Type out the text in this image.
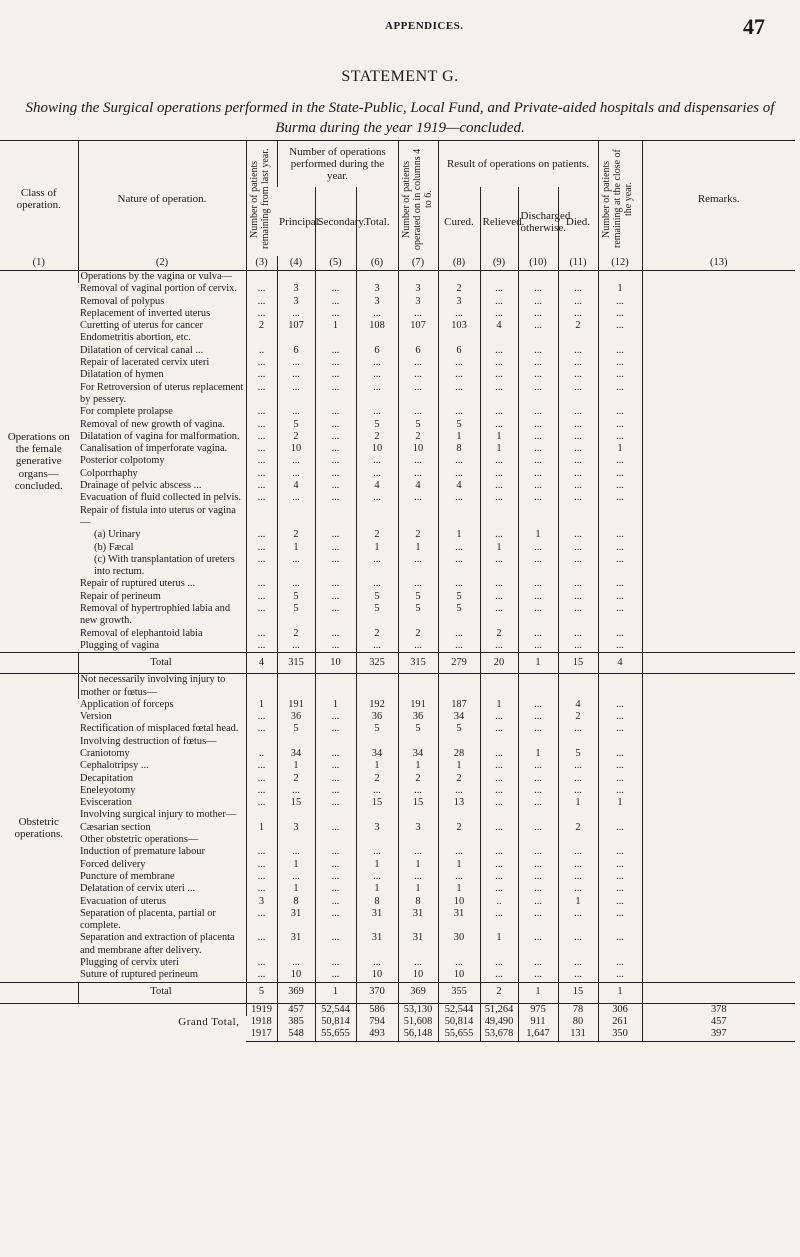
APPENDICES.	47
STATEMENT G.
Showing the Surgical operations performed in the State-Public, Local Fund, and Private-aided hospitals and dispensaries of Burma during the year 1919—concluded.
Class of operation.	Nature of operation.	Number of patients remaining from last year.	Number of operations performed during the year.			Number of patients operated on in columns 4 to 6.	Result of operations on patients.				Number of patients remaining at the close of the year.	Remarks.
			Principal.	Secondary.	Total.		Cured.	Relieved.	Discharged otherwise.	Died.		
(1)	(2)	(3)	(4)	(5)	(6)	(7)	(8)	(9)	(10)	(11)	(12)	(13)
Operations on the female generative organs—concluded.	Operations by the vagina or vulva—											
	Removal of vaginal portion of cervix.	...	3	...	3	3	2	...	...	...	1	
	Removal of polypus	...	3	...	3	3	3	...	...	...	...	
	Replacement of inverted uterus	...	...	...	...	...	...	...	...	...	...	
	Curetting of uterus for cancer Endometritis abortion, etc.	2	107	1	108	107	103	4	...	2	...	
	Dilatation of cervical canal ...	..	6	...	6	6	6	...	...	...	...	
	Repair of lacerated cervix uteri	...	...	...	...	...	...	...	...	...	...	
	Dilatation of hymen	...	...	...	...	...	...	...	...	...	...	
	For Retroversion of uterus replacement by pessery.	...	...	...	...	...	...	...	...	...	...	
	For complete prolapse	...	...	...	...	...	...	...	...	...	...	
	Removal of new growth of vagina.	...	5	...	5	5	5	...	...	...	...	
	Dilatation of vagina for malformation.	...	2	...	2	2	1	1	...	...	...	
	Canalisation of imperforate vagina.	...	10	...	10	10	8	1	...	...	1	
	Posterior colpotomy	...	...	...	...	...	...	...	...	...	...	
	Colporrhaphy	...	...	...	...	...	...	...	...	...	...	
	Drainage of pelvic abscess ...	...	4	...	4	4	4	...	...	...	...	
	Evacuation of fluid collected in pelvis.	...	...	...	...	...	...	...	...	...	...	
	Repair of fistula into uterus or vagina—											
	(a) Urinary	...	2	...	2	2	1	...	1	...	...	
	(b) Fæcal	...	1	...	1	1	...	1	...	...	...	
	(c) With transplantation of ureters into rectum.	...	...	...	...	...	...	...	...	...	...	
	Repair of ruptured uterus ...	...	...	...	...	...	...	...	...	...	...	
	Repair of perineum	...	5	...	5	5	5	...	...	...	...	
	Removal of hypertrophied labia and new growth.	...	5	...	5	5	5	...	...	...	...	
	Removal of elephantoid labia	...	2	...	2	2	...	2	...	...	...	
	Plugging of vagina	...	...	...	...	...	...	...	...	...	...	
	Total	4	315	10	325	315	279	20	1	15	4	
Obstetric operations.	Not necessarily involving injury to mother or fœtus—											
	Application of forceps	1	191	1	192	191	187	1	...	4	...	
	Version	...	36	...	36	36	34	...	...	2	...	
	Rectification of misplaced fœtal head.	...	5	...	5	5	5	...	...	...	...	
	Involving destruction of fœtus—											
	Craniotomy	..	34	...	34	34	28	...	1	5	...	
	Cephalotripsy ...	...	1	...	1	1	1	...	...	...	...	
	Decapitation	...	2	...	2	2	2	...	...	...	...	
	Eneleyotomy	...	...	...	...	...	...	...	...	...	...	
	Evisceration	...	15	...	15	15	13	...	...	1	1	
	Involving surgical injury to mother—											
	Cæsarian section	1	3	...	3	3	2	...	...	2	...	
	Other obstetric operations—											
	Induction of premature labour	...	...	...	...	...	...	...	...	...	...	
	Forced delivery	...	1	...	1	1	1	...	...	...	...	
	Puncture of membrane	...	...	...	...	...	...	...	...	...	...	
	Delatation of cervix uteri ...	...	1	...	1	1	1	...	...	...	...	
	Evacuation of uterus	3	8	...	8	8	10	..	...	1	...	
	Separation of placenta, partial or complete.	...	31	...	31	31	31	...	...	...	...	
	Separation and extraction of placenta and membrane after delivery.	...	31	...	31	31	30	1	...	...	...	
	Plugging of cervix uteri	...	...	...	...	...	...	...	...	...	...	
	Suture of ruptured perineum	...	10	...	10	10	10	...	...	...	...	
	Total	5	369	1	370	369	355	2	1	15	1	
Grand Total,		1919	457	52,544	586	53,130	52,544	51,264	975	78	306	378
		1918	385	50,814	794	51,608	50,814	49,490	911	80	261	457
		1917	548	55,655	493	56,148	55,655	53,678	1,647	131	350	397
